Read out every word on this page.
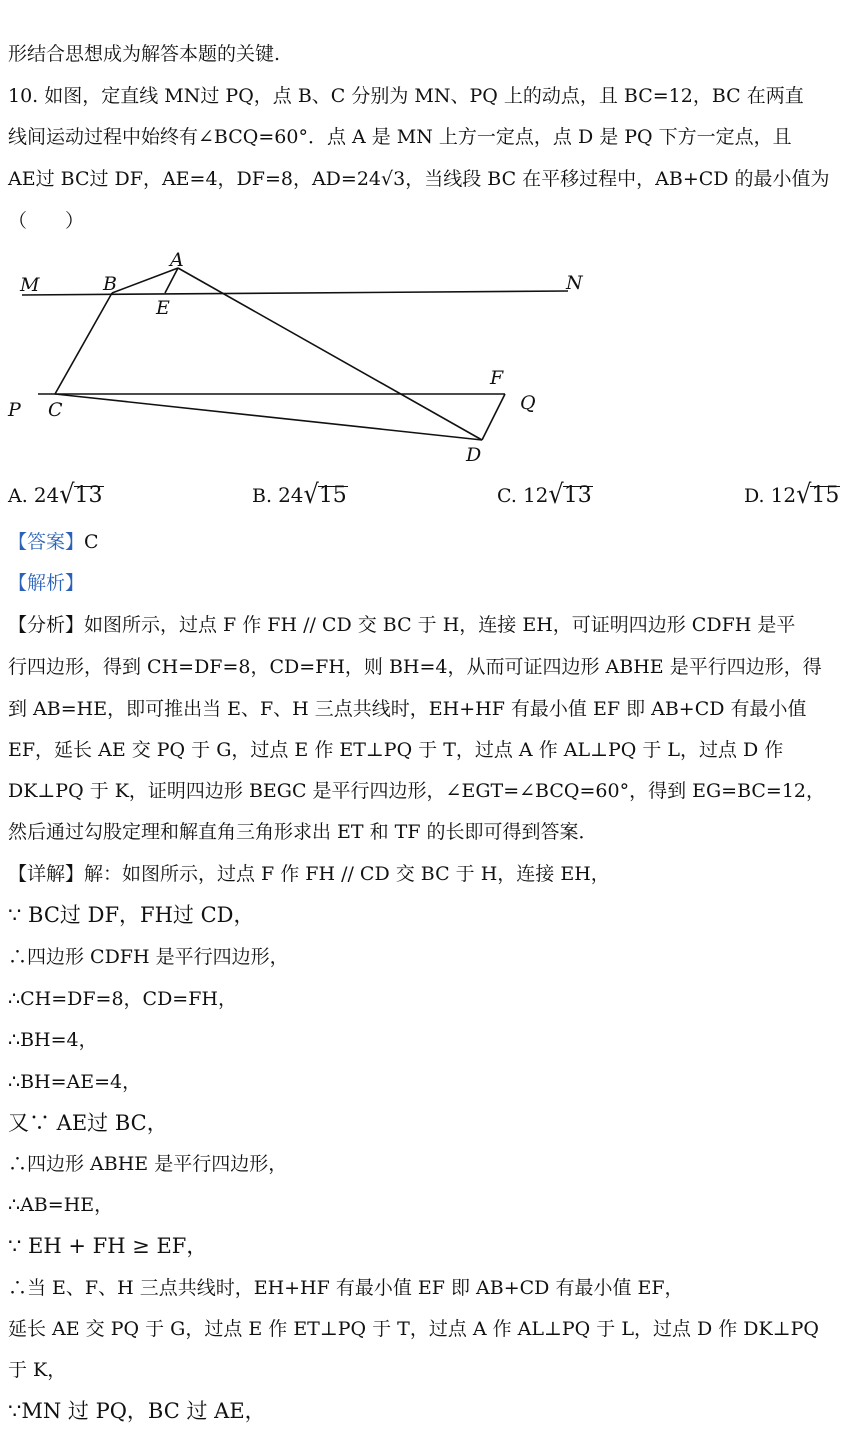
形结合思想成为解答本题的关键.
10. 如图，定直线 MN过 PQ，点 B、C 分别为 MN、PQ 上的动点，且 BC=12，BC 在两直
线间运动过程中始终有∠BCQ=60°．点 A 是 MN 上方一定点，点 D 是 PQ 下方一定点，且
AE过 BC过 DF，AE=4，DF=8，AD=24√3，当线段 BC 在平移过程中，AB+CD 的最小值为
（　　）
M	B
A
E
N
P C
F
Q
D
A. 24√13	B. 24√15	C. 12√13	D. 12√15
【答案】C
【解析】
【分析】如图所示，过点 F 作 FH // CD 交 BC 于 H，连接 EH，可证明四边形 CDFH 是平
行四边形，得到 CH=DF=8，CD=FH，则 BH=4，从而可证四边形 ABHE 是平行四边形，得
到 AB=HE，即可推出当 E、F、H 三点共线时，EH+HF 有最小值 EF 即 AB+CD 有最小值
EF，延长 AE 交 PQ 于 G，过点 E 作 ET⊥PQ 于 T，过点 A 作 AL⊥PQ 于 L，过点 D 作
DK⊥PQ 于 K，证明四边形 BEGC 是平行四边形，∠EGT=∠BCQ=60°，得到 EG=BC=12，
然后通过勾股定理和解直角三角形求出 ET 和 TF 的长即可得到答案．
【详解】解：如图所示，过点 F 作 FH // CD 交 BC 于 H，连接 EH，
∵ BC过 DF，FH过 CD，
∴四边形 CDFH 是平行四边形，
∴CH=DF=8，CD=FH，
∴BH=4，
∴BH=AE=4，
又∵ AE过 BC，
∴四边形 ABHE 是平行四边形，
∴AB=HE，
∵ EH + FH ≥ EF，
∴当 E、F、H 三点共线时，EH+HF 有最小值 EF 即 AB+CD 有最小值 EF，
延长 AE 交 PQ 于 G，过点 E 作 ET⊥PQ 于 T，过点 A 作 AL⊥PQ 于 L，过点 D 作 DK⊥PQ
于 K，
∵MN 过 PQ，BC 过 AE，
